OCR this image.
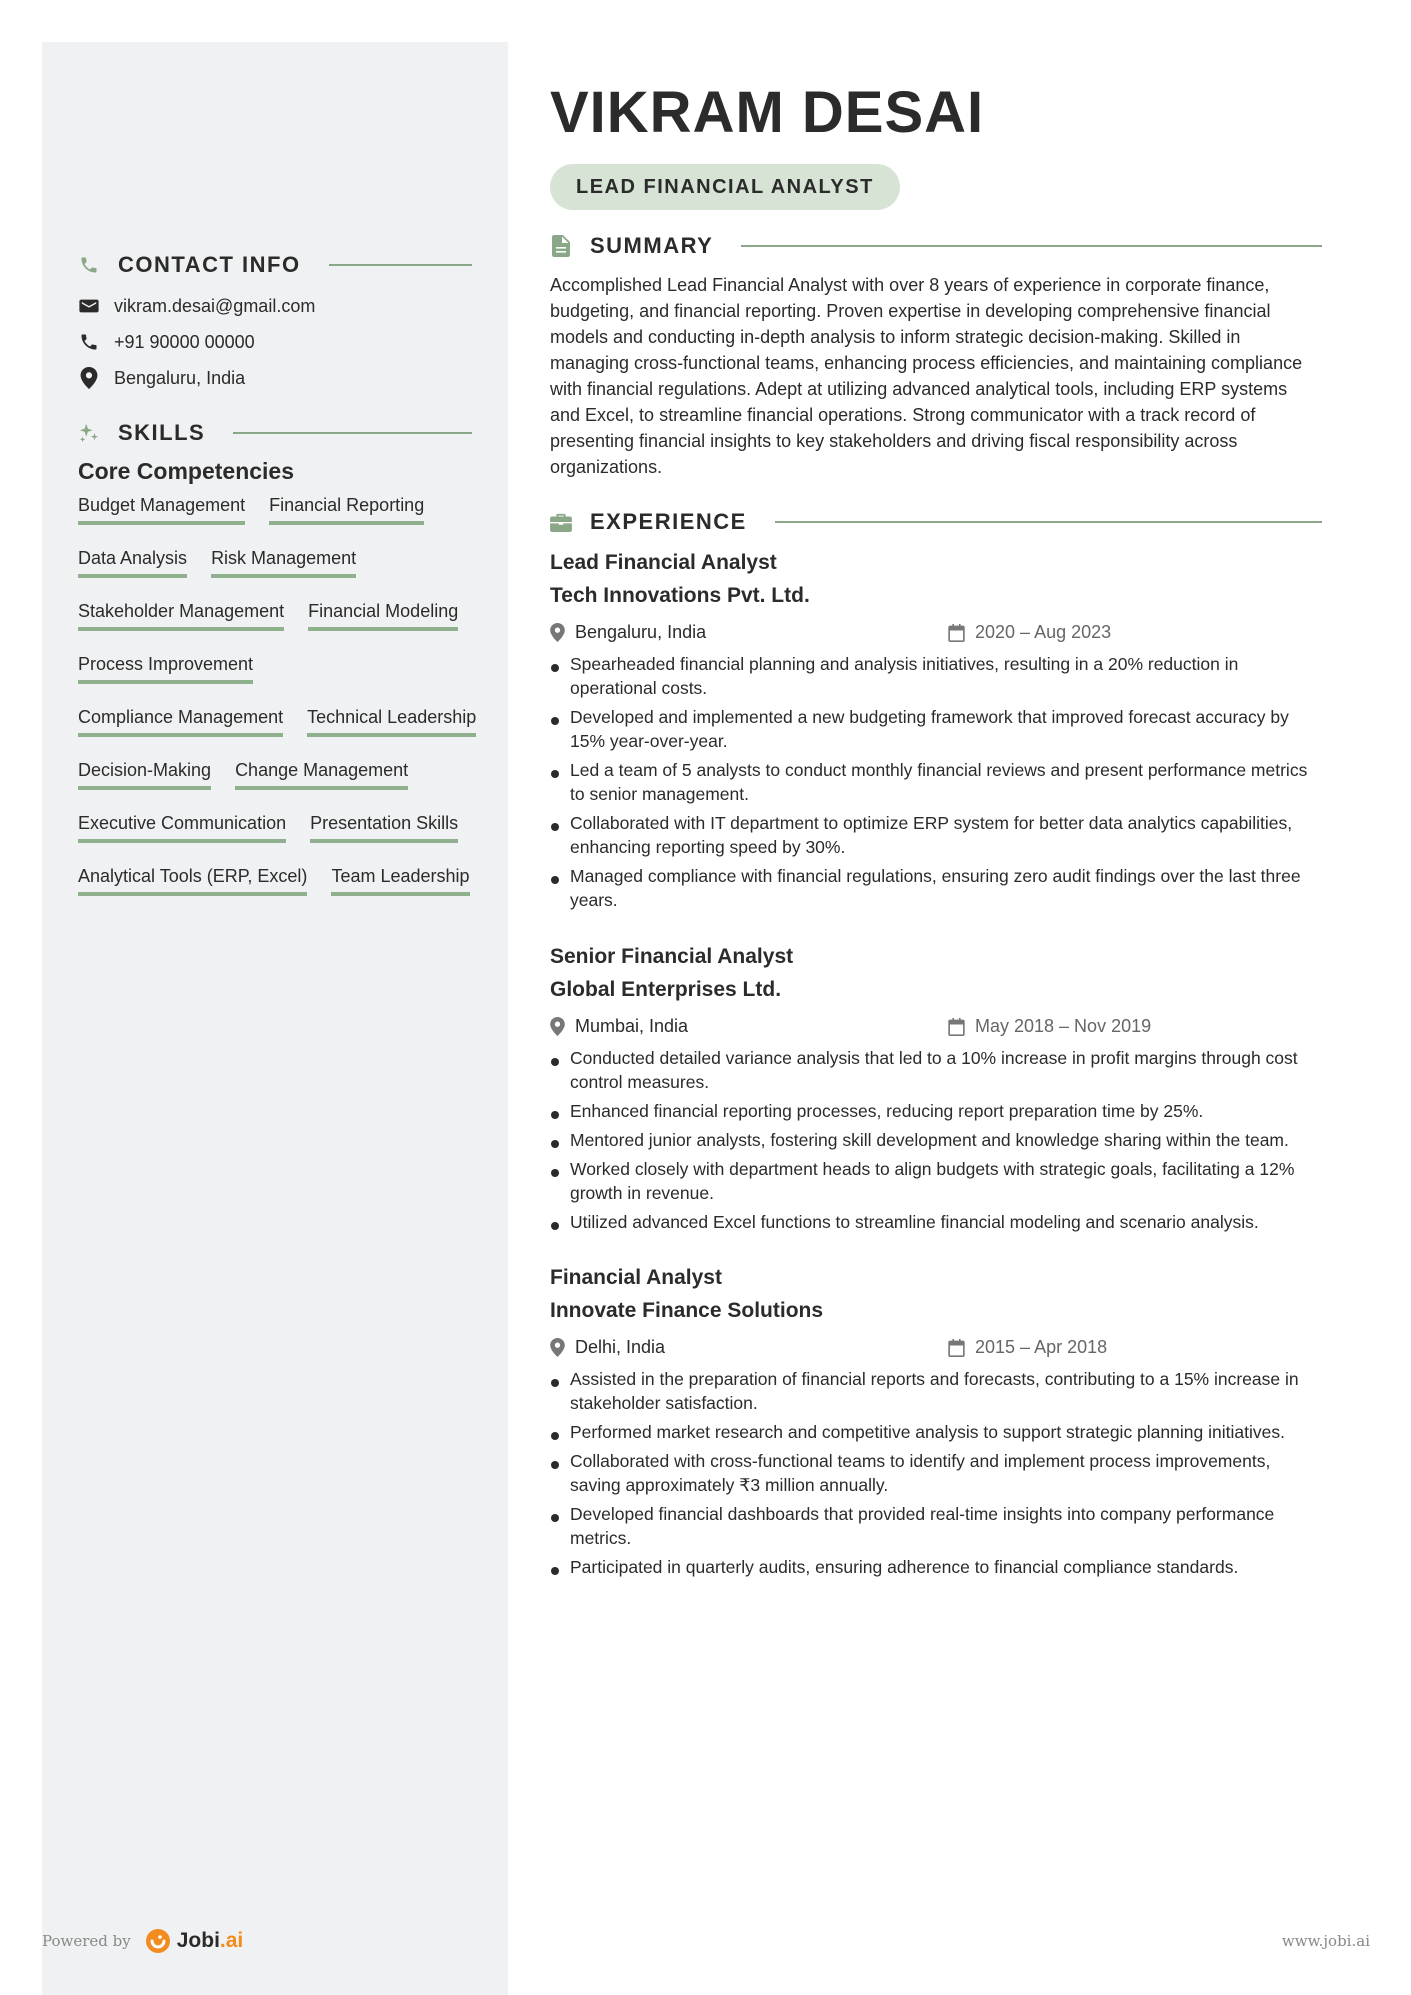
CONTACT INFO
vikram.desai@gmail.com
+91 90000 00000
Bengaluru, India
SKILLS
Core Competencies
Budget Management Financial Reporting
Data Analysis Risk Management
Stakeholder Management Financial Modeling
Process Improvement
Compliance Management Technical Leadership
Decision-Making Change Management
Executive Communication Presentation Skills
Analytical Tools (ERP, Excel) Team Leadership
VIKRAM DESAI
LEAD FINANCIAL ANALYST
SUMMARY

Accomplished Lead Financial Analyst with over 8 years of experience in corporate finance, budgeting, and financial reporting. Proven expertise in developing comprehensive financial models and conducting in-depth analysis to inform strategic decision-making. Skilled in managing cross-functional teams, enhancing process efficiencies, and maintaining compliance with financial regulations. Adept at utilizing advanced analytical tools, including ERP systems and Excel, to streamline financial operations. Strong communicator with a track record of presenting financial insights to key stakeholders and driving fiscal responsibility across organizations.

EXPERIENCE
Lead Financial Analyst
Tech Innovations Pvt. Ltd.
Bengaluru, India	2020 – Aug 2023
Spearheaded financial planning and analysis initiatives, resulting in a 20% reduction in operational costs.
Developed and implemented a new budgeting framework that improved forecast accuracy by 15% year-over-year.
Led a team of 5 analysts to conduct monthly financial reviews and present performance metrics to senior management.
Collaborated with IT department to optimize ERP system for better data analytics capabilities, enhancing reporting speed by 30%.
Managed compliance with financial regulations, ensuring zero audit findings over the last three years.
Senior Financial Analyst
Global Enterprises Ltd.
Mumbai, India	May 2018 – Nov 2019
Conducted detailed variance analysis that led to a 10% increase in profit margins through cost control measures.
Enhanced financial reporting processes, reducing report preparation time by 25%.
Mentored junior analysts, fostering skill development and knowledge sharing within the team.
Worked closely with department heads to align budgets with strategic goals, facilitating a 12% growth in revenue.
Utilized advanced Excel functions to streamline financial modeling and scenario analysis.
Financial Analyst
Innovate Finance Solutions
Delhi, India	2015 – Apr 2018
Assisted in the preparation of financial reports and forecasts, contributing to a 15% increase in stakeholder satisfaction.
Performed market research and competitive analysis to support strategic planning initiatives.
Collaborated with cross-functional teams to identify and implement process improvements, saving approximately ₹3 million annually.
Developed financial dashboards that provided real-time insights into company performance metrics.
Participated in quarterly audits, ensuring adherence to financial compliance standards.
Powered by Jobi .ai	www.jobi.ai
